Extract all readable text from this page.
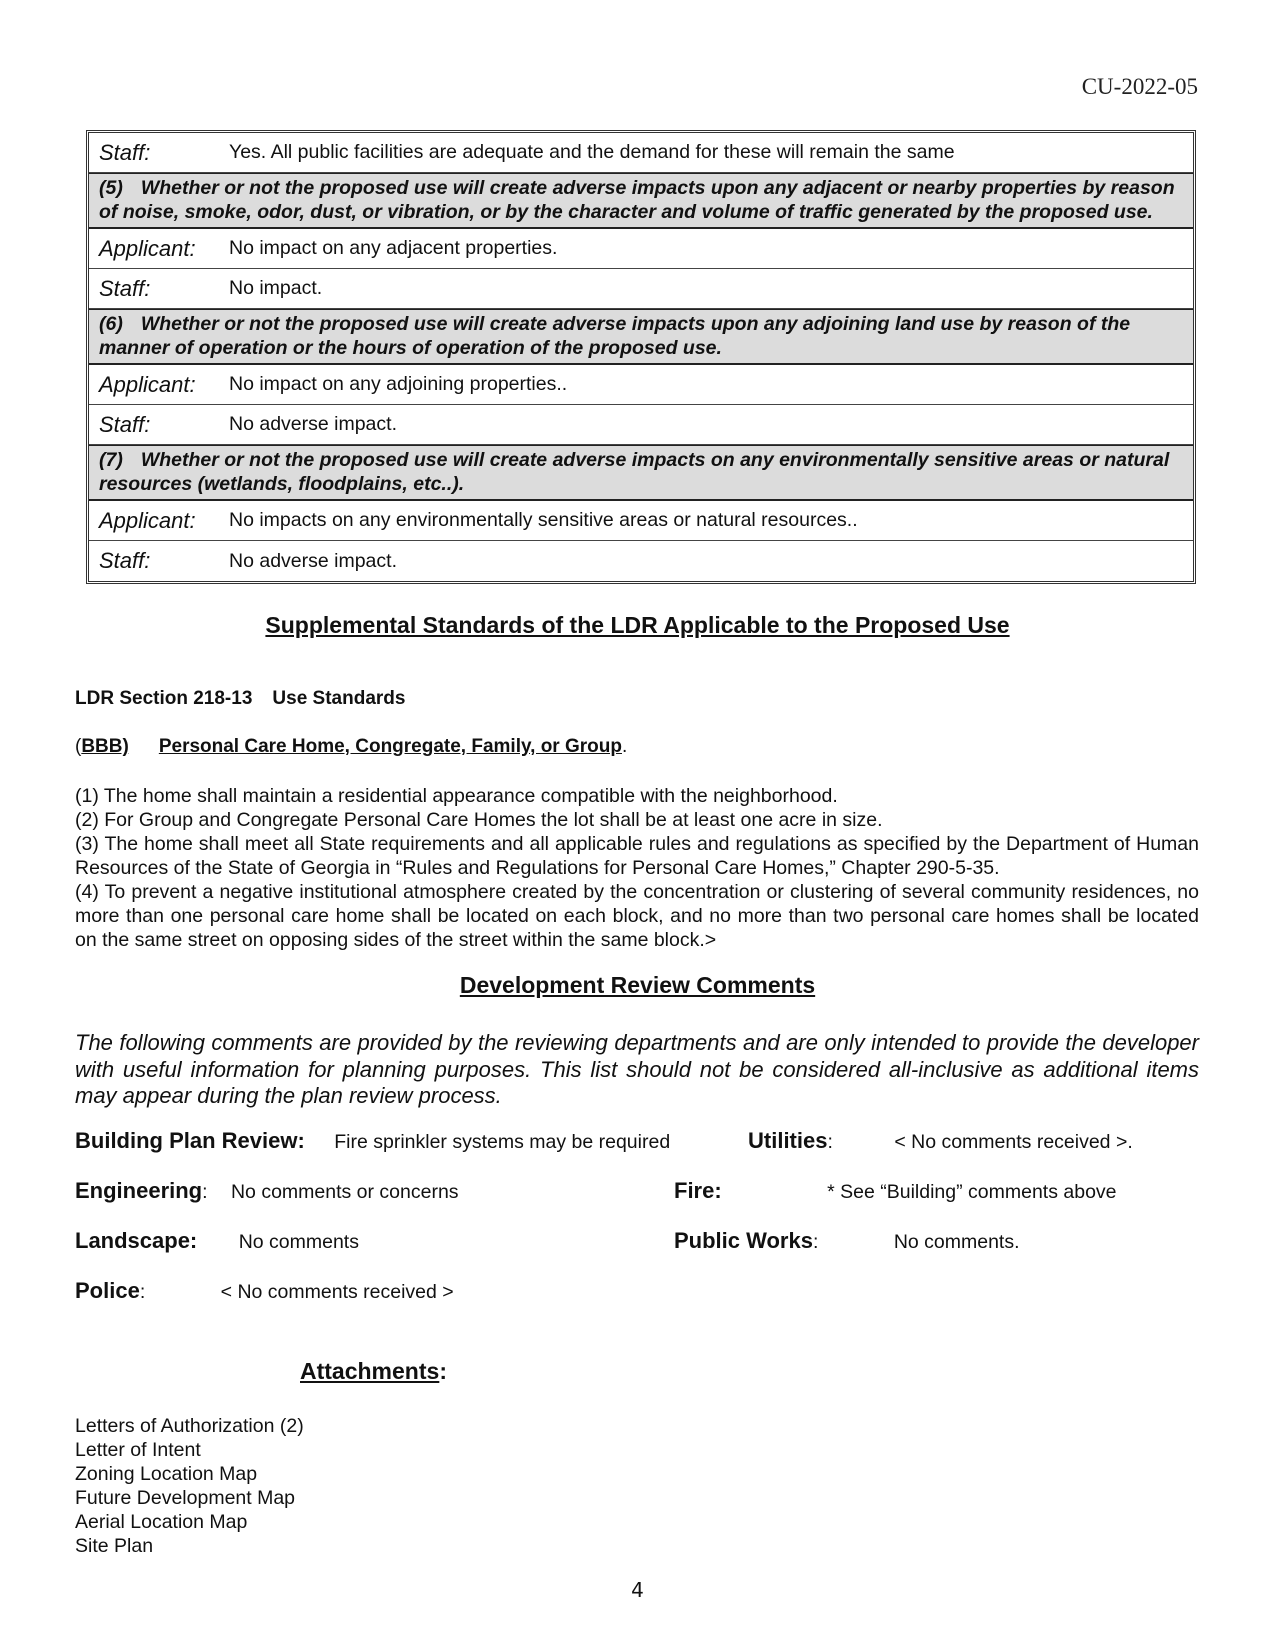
CU-2022-05
Staff:	Yes. All public facilities are adequate and the demand for these will remain the same
(5) Whether or not the proposed use will create adverse impacts upon any adjacent or nearby properties by reason of noise, smoke, odor, dust, or vibration, or by the character and volume of traffic generated by the proposed use.
Applicant:	No impact on any adjacent properties.
Staff:	No impact.
(6) Whether or not the proposed use will create adverse impacts upon any adjoining land use by reason of the manner of operation or the hours of operation of the proposed use.
Applicant:	No impact on any adjoining properties..
Staff:	No adverse impact.
(7) Whether or not the proposed use will create adverse impacts on any environmentally sensitive areas or natural resources (wetlands, floodplains, etc..).
Applicant:	No impacts on any environmentally sensitive areas or natural resources..
Staff:	No adverse impact.
Supplemental Standards of the LDR Applicable to the Proposed Use
LDR Section 218-13 Use Standards
(BBB) Personal Care Home, Congregate, Family, or Group.

(1) The home shall maintain a residential appearance compatible with the neighborhood.

(2) For Group and Congregate Personal Care Homes the lot shall be at least one acre in size.

(3) The home shall meet all State requirements and all applicable rules and regulations as specified by the Department of Human Resources of the State of Georgia in “Rules and Regulations for Personal Care Homes,” Chapter 290-5-35.

(4) To prevent a negative institutional atmosphere created by the concentration or clustering of several community residences, no more than one personal care home shall be located on each block, and no more than two personal care homes shall be located on the same street on opposing sides of the street within the same block.>

Development Review Comments
The following comments are provided by the reviewing departments and are only intended to provide the developer with useful information for planning purposes. This list should not be considered all-inclusive as additional items may appear during the plan review process.
Building Plan Review: Fire sprinkler systems may be required	Utilities:	< No comments received >.
Engineering: No comments or concerns	Fire:	* See “Building” comments above
Landscape: No comments	Public Works:	No comments.
Police:	< No comments received >
Attachments:
Letters of Authorization (2)
Letter of Intent
Zoning Location Map
Future Development Map
Aerial Location Map
Site Plan
4
